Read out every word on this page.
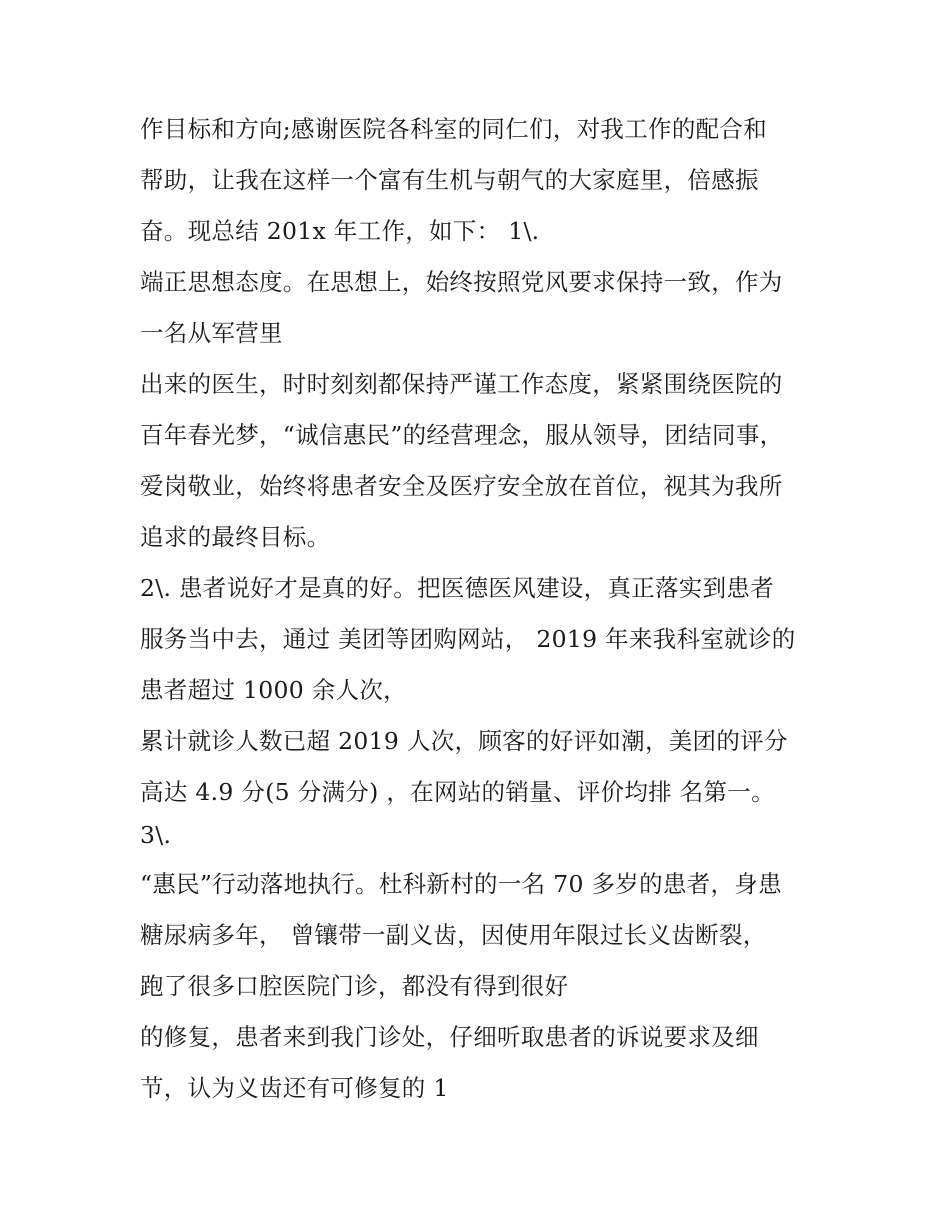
作目标和方向;感谢医院各科室的同仁们，对我工作的配合和
帮助，让我在这样一个富有生机与朝气的大家庭里，倍感振
奋。现总结 201x 年工作，如下： 1\.
端正思想态度。在思想上，始终按照党风要求保持一致，作为
一名从军营里
出来的医生，时时刻刻都保持严谨工作态度，紧紧围绕医院的
百年春光梦，“诚信惠民”的经营理念，服从领导，团结同事，
爱岗敬业，始终将患者安全及医疗安全放在首位，视其为我所
追求的最终目标。
2\. 患者说好才是真的好。把医德医风建设，真正落实到患者
服务当中去，通过 美团等团购网站， 2019 年来我科室就诊的
患者超过 1000 余人次，
累计就诊人数已超 2019 人次，顾客的好评如潮，美团的评分
高达 4.9 分(5 分满分) ，在网站的销量、评价均排 名第一。
3\.
“惠民”行动落地执行。杜科新村的一名 70 多岁的患者，身患
糖尿病多年， 曾镶带一副义齿，因使用年限过长义齿断裂，
跑了很多口腔医院门诊，都没有得到很好
的修复，患者来到我门诊处，仔细听取患者的诉说要求及细
节，认为义齿还有可修复的 1
